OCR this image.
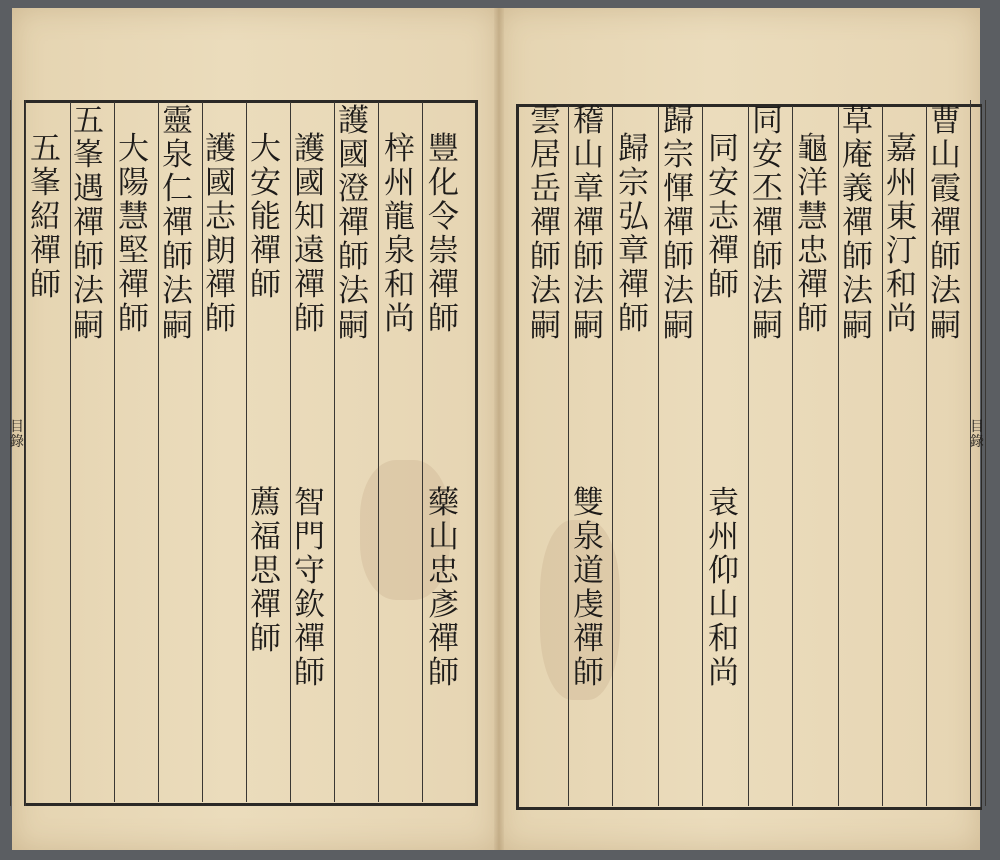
豐
化
令
崇
禪
師
梓
州
龍
泉
和
尚
護
國
澄
禪
師
法
嗣
護
國
知
遠
禪
師
大
安
能
禪
師
護
國
志
朗
禪
師
靈
泉
仁
禪
師
法
嗣
大
陽
慧
堅
禪
師
五
峯
遇
禪
師
法
嗣
五
峯
紹
禪
師
藥
山
忠
彥
禪
師
智
門
守
欽
禪
師
薦
福
思
禪
師
曹
山
霞
禪
師
法
嗣
嘉
州
東
汀
和
尚
草
庵
義
禪
師
法
嗣
龜
洋
慧
忠
禪
師
同
安
丕
禪
師
法
嗣
同
安
志
禪
師
歸
宗
惲
禪
師
法
嗣
歸
宗
弘
章
禪
師
稽
山
章
禪
師
法
嗣
雲
居
岳
禪
師
法
嗣
袁
州
仰
山
和
尚
雙
泉
道
虔
禪
師
目
錄
目
錄
